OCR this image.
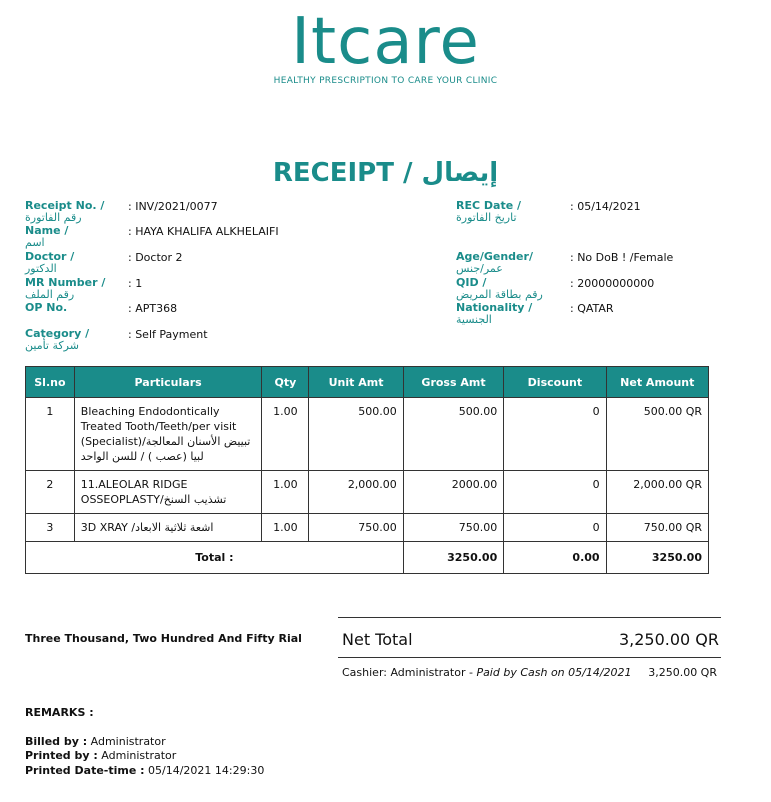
Itcare
HEALTHY PRESCRIPTION TO CARE YOUR CLINIC
RECEIPT / إيصال
Receipt No. /
رقم الفاتورة
: INV/2021/0077
Name /
اسم
: HAYA KHALIFA ALKHELAIFI
Doctor /
الدكتور
: Doctor 2
MR Number /
رقم الملف
: 1
OP No.	: APT368
Category /
شركة تأمين
: Self Payment
REC Date /
تاريخ الفاتورة
: 05/14/2021
Age/Gender/
عمر/جنس
: No DoB ! /Female
QID /
رقم بطاقة المريض
: 20000000000
Nationality /
الجنسية
: QATAR
Sl.no	Particulars	Qty	Unit Amt	Gross Amt	Discount	Net Amount
1	Bleaching Endodontically Treated Tooth/Teeth/per visit (Specialist)/تبييض الأسنان المعالجة لبيا (عصب ) / للسن الواحد	1.00	500.00	500.00	0	500.00 QR
2	11.ALEOLAR RIDGE OSSEOPLASTY/تشذيب السنخ	1.00	2,000.00	2000.00	0	2,000.00 QR
3	3D XRAY /اشعة ثلاثية الابعاد	1.00	750.00	750.00	0	750.00 QR
Total :				3250.00	0.00	3250.00
Three Thousand, Two Hundred And Fifty Rial	Net Total	3,250.00 QR
Cashier: Administrator - Paid by Cash on 05/14/2021 3,250.00 QR
REMARKS :
Billed by : Administrator
Printed by : Administrator
Printed Date-time : 05/14/2021 14:29:30
